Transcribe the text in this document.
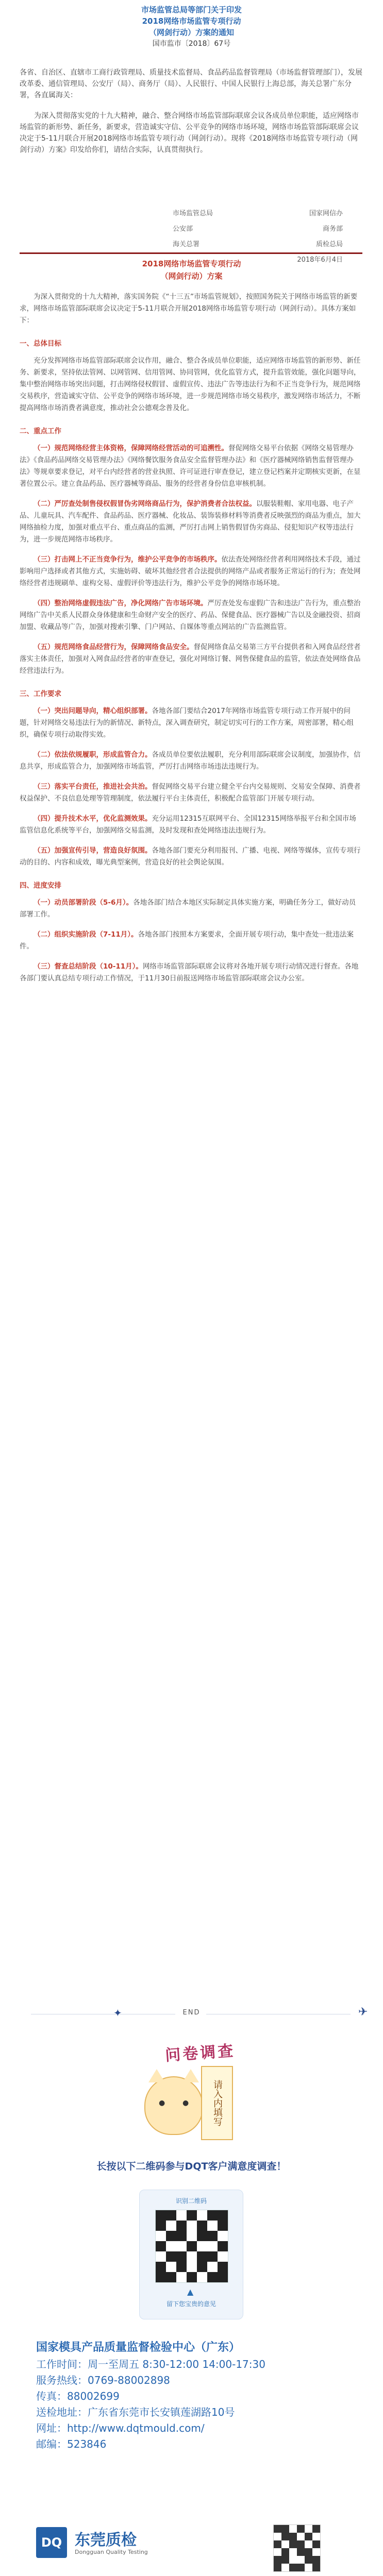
市场监管总局等部门关于印发
2018网络市场监管专项行动
（网剑行动）方案的通知
国市监市〔2018〕67号

各省、自治区、直辖市工商行政管理局、质量技术监督局、食品药品监督管理局（市场监督管理部门），发展改革委、通信管理局、公安厅（局）、商务厅（局）、人民银行、中国人民银行上海总部，海关总署广东分署，各直属海关：

为深入贯彻落实党的十九大精神，融合、整合网络市场监管部际联席会议各成员单位职能，适应网络市场监管的新形势、新任务，新要求，营造诚实守信、公平竞争的网络市场环境，网络市场监管部际联席会议决定于5-11月联合开展2018网络市场监管专项行动（网剑行动）。现将《2018网络市场监管专项行动（网剑行动）方案》印发给你们，请结合实际，认真贯彻执行。

市场监管总局	国家网信办
公安部	商务部
海关总署	质检总局
2018年6月4日
2018网络市场监管专项行动
（网剑行动）方案

为深入贯彻党的十九大精神，落实国务院《“十三五”市场监管规划》，按照国务院关于网络市场监管的新要求，网络市场监管部际联席会议决定于5-11月联合开展2018网络市场监管专项行动（网剑行动）。具体方案如下：

一、总体目标

充分发挥网络市场监管部际联席会议作用，融合、整合各成员单位职能，适应网络市场监管的新形势、新任务、新要求，坚持依法管网、以网管网、信用管网、协同管网，优化监管方式，提升监管效能，强化问题导向，集中整治网络市场突出问题，打击网络侵权假冒、虚假宣传、违法广告等违法行为和不正当竞争行为，规范网络交易秩序，营造诚实守信、公平竞争的网络市场环境，进一步规范网络市场交易秩序，激发网络市场活力，不断提高网络市场消费者满意度，推动社会公德观念普及化。

二、重点工作

（一）规范网络经营主体资格，保障网络经营活动的可追溯性。督促网络交易平台依据《网络交易管理办法》《食品药品网络交易管理办法》《网络餐饮服务食品安全监督管理办法》和《医疗器械网络销售监督管理办法》等规章要求登记，对平台内经营者的营业执照、许可证进行审查登记，建立登记档案并定期核实更新，在显著位置公示。建立食品药品、医疗器械等商品、服务的经营者身份信息审核机制。

（二）严厉查处制售侵权假冒伪劣网络商品行为，保护消费者合法权益。以服装鞋帽、家用电器、电子产品、儿童玩具、汽车配件、食品药品、医疗器械、化妆品、装饰装修材料等消费者反映强烈的商品为重点，加大网络抽检力度，加强对重点平台、重点商品的监测，严厉打击网上销售假冒伪劣商品、侵犯知识产权等违法行为，进一步规范网络市场秩序。

（三）打击网上不正当竞争行为，维护公平竞争的市场秩序。依法查处网络经营者利用网络技术手段，通过影响用户选择或者其他方式，实施妨碍、破坏其他经营者合法提供的网络产品或者服务正常运行的行为；查处网络经营者违规刷单、虚构交易、虚假评价等违法行为，维护公平竞争的网络市场环境。

（四）整治网络虚假违法广告，净化网络广告市场环境。严厉查处发布虚假广告和违法广告行为，重点整治网络广告中关系人民群众身体健康和生命财产安全的医疗、药品、保健食品、医疗器械广告以及金融投资、招商加盟、收藏品等广告，加强对搜索引擎、门户网站、自媒体等重点网站的广告监测监管。

（五）规范网络食品经营行为，保障网络食品安全。督促网络食品交易第三方平台提供者和入网食品经营者落实主体责任，加强对入网食品经营者的审查登记，强化对网络订餐、网售保健食品的监管，依法查处网络食品经营违法行为。

三、工作要求

（一）突出问题导向，精心组织部署。各地各部门要结合2017年网络市场监管专项行动工作开展中的问题，针对网络交易违法行为的新情况、新特点，深入调查研究，制定切实可行的工作方案，周密部署，精心组织，确保专项行动取得实效。

（二）依法依规履职，形成监管合力。各成员单位要依法履职，充分利用部际联席会议制度，加强协作，信息共享，形成监管合力，加强网络市场监管，严厉打击网络市场违法违规行为。

（三）落实平台责任，推进社会共治。督促网络交易平台建立健全平台内交易规则、交易安全保障、消费者权益保护、不良信息处理等管理制度，依法履行平台主体责任，积极配合监管部门开展专项行动。

（四）提升技术水平，优化监测效果。充分运用12315互联网平台、全国12315网络举报平台和全国市场监管信息化系统等平台，加强网络交易监测，及时发现和查处网络违法违规行为。

（五）加强宣传引导，营造良好氛围。各地各部门要充分利用报刊、广播、电视、网络等媒体，宣传专项行动的目的、内容和成效，曝光典型案例，营造良好的社会舆论氛围。

四、进度安排

（一）动员部署阶段（5-6月）。各地各部门结合本地区实际制定具体实施方案，明确任务分工，做好动员部署工作。

（二）组织实施阶段（7-11月）。各地各部门按照本方案要求，全面开展专项行动，集中查处一批违法案件。

（三）督查总结阶段（10-11月）。网络市场监管部际联席会议将对各地开展专项行动情况进行督查。各地各部门要认真总结专项行动工作情况，于11月30日前报送网络市场监管部际联席会议办公室。

✦	END	✈
问卷调查
● ●	请入内填写
长按以下二维码参与DQT客户满意度调查！
识别二维码
▲
留下您宝贵的意见
国家模具产品质量监督检验中心（广东）
工作时间：周一至周五 8:30-12:00 14:00-17:30
服务热线：0769-88002898
传真：88002699
送检地址：广东省东莞市长安镇莲湖路10号
网址：http://www.dqtmould.com/
邮编：523846
DQ 东莞质检
Dongguan Quality Testing
